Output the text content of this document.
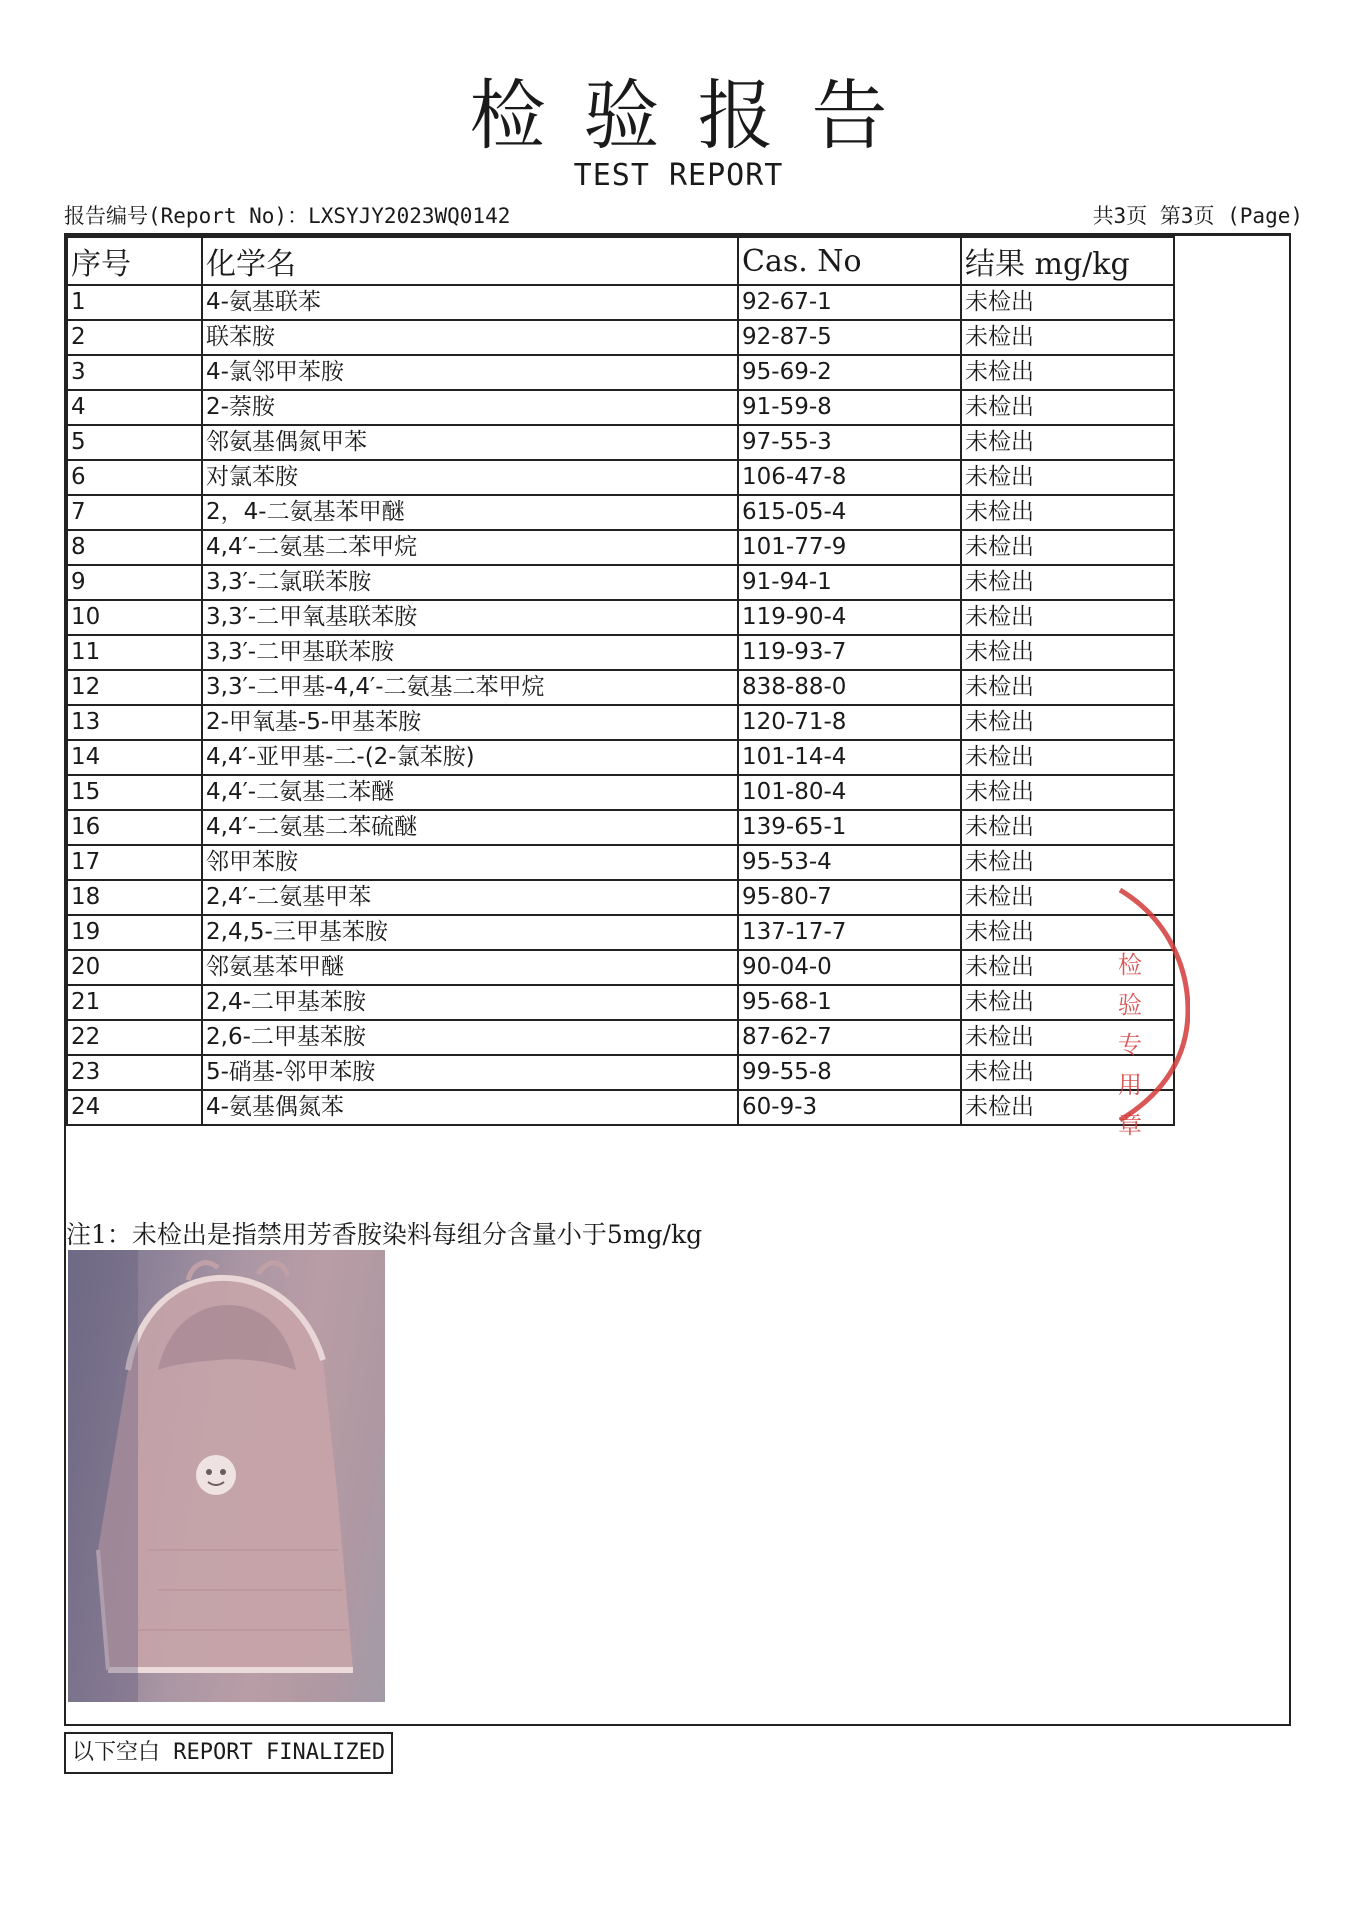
检验报告
TEST REPORT
报告编号(Report No)：LXSYJY2023WQ0142	共3页 第3页 (Page)
序号	化学名	Cas. No	结果 mg/kg
1	4-氨基联苯	92-67-1	未检出
2	联苯胺	92-87-5	未检出
3	4-氯邻甲苯胺	95-69-2	未检出
4	2-萘胺	91-59-8	未检出
5	邻氨基偶氮甲苯	97-55-3	未检出
6	对氯苯胺	106-47-8	未检出
7	2，4-二氨基苯甲醚	615-05-4	未检出
8	4,4′-二氨基二苯甲烷	101-77-9	未检出
9	3,3′-二氯联苯胺	91-94-1	未检出
10	3,3′-二甲氧基联苯胺	119-90-4	未检出
11	3,3′-二甲基联苯胺	119-93-7	未检出
12	3,3′-二甲基-4,4′-二氨基二苯甲烷	838-88-0	未检出
13	2-甲氧基-5-甲基苯胺	120-71-8	未检出
14	4,4′-亚甲基-二-(2-氯苯胺)	101-14-4	未检出
15	4,4′-二氨基二苯醚	101-80-4	未检出
16	4,4′-二氨基二苯硫醚	139-65-1	未检出
17	邻甲苯胺	95-53-4	未检出
18	2,4′-二氨基甲苯	95-80-7	未检出
19	2,4,5-三甲基苯胺	137-17-7	未检出
20	邻氨基苯甲醚	90-04-0	未检出
21	2,4-二甲基苯胺	95-68-1	未检出
22	2,6-二甲基苯胺	87-62-7	未检出
23	5-硝基-邻甲苯胺	99-55-8	未检出
24	4-氨基偶氮苯	60-9-3	未检出
注1：未检出是指禁用芳香胺染料每组分含量小于5mg/kg
以下空白 REPORT FINALIZED
检
验
专
用
章
